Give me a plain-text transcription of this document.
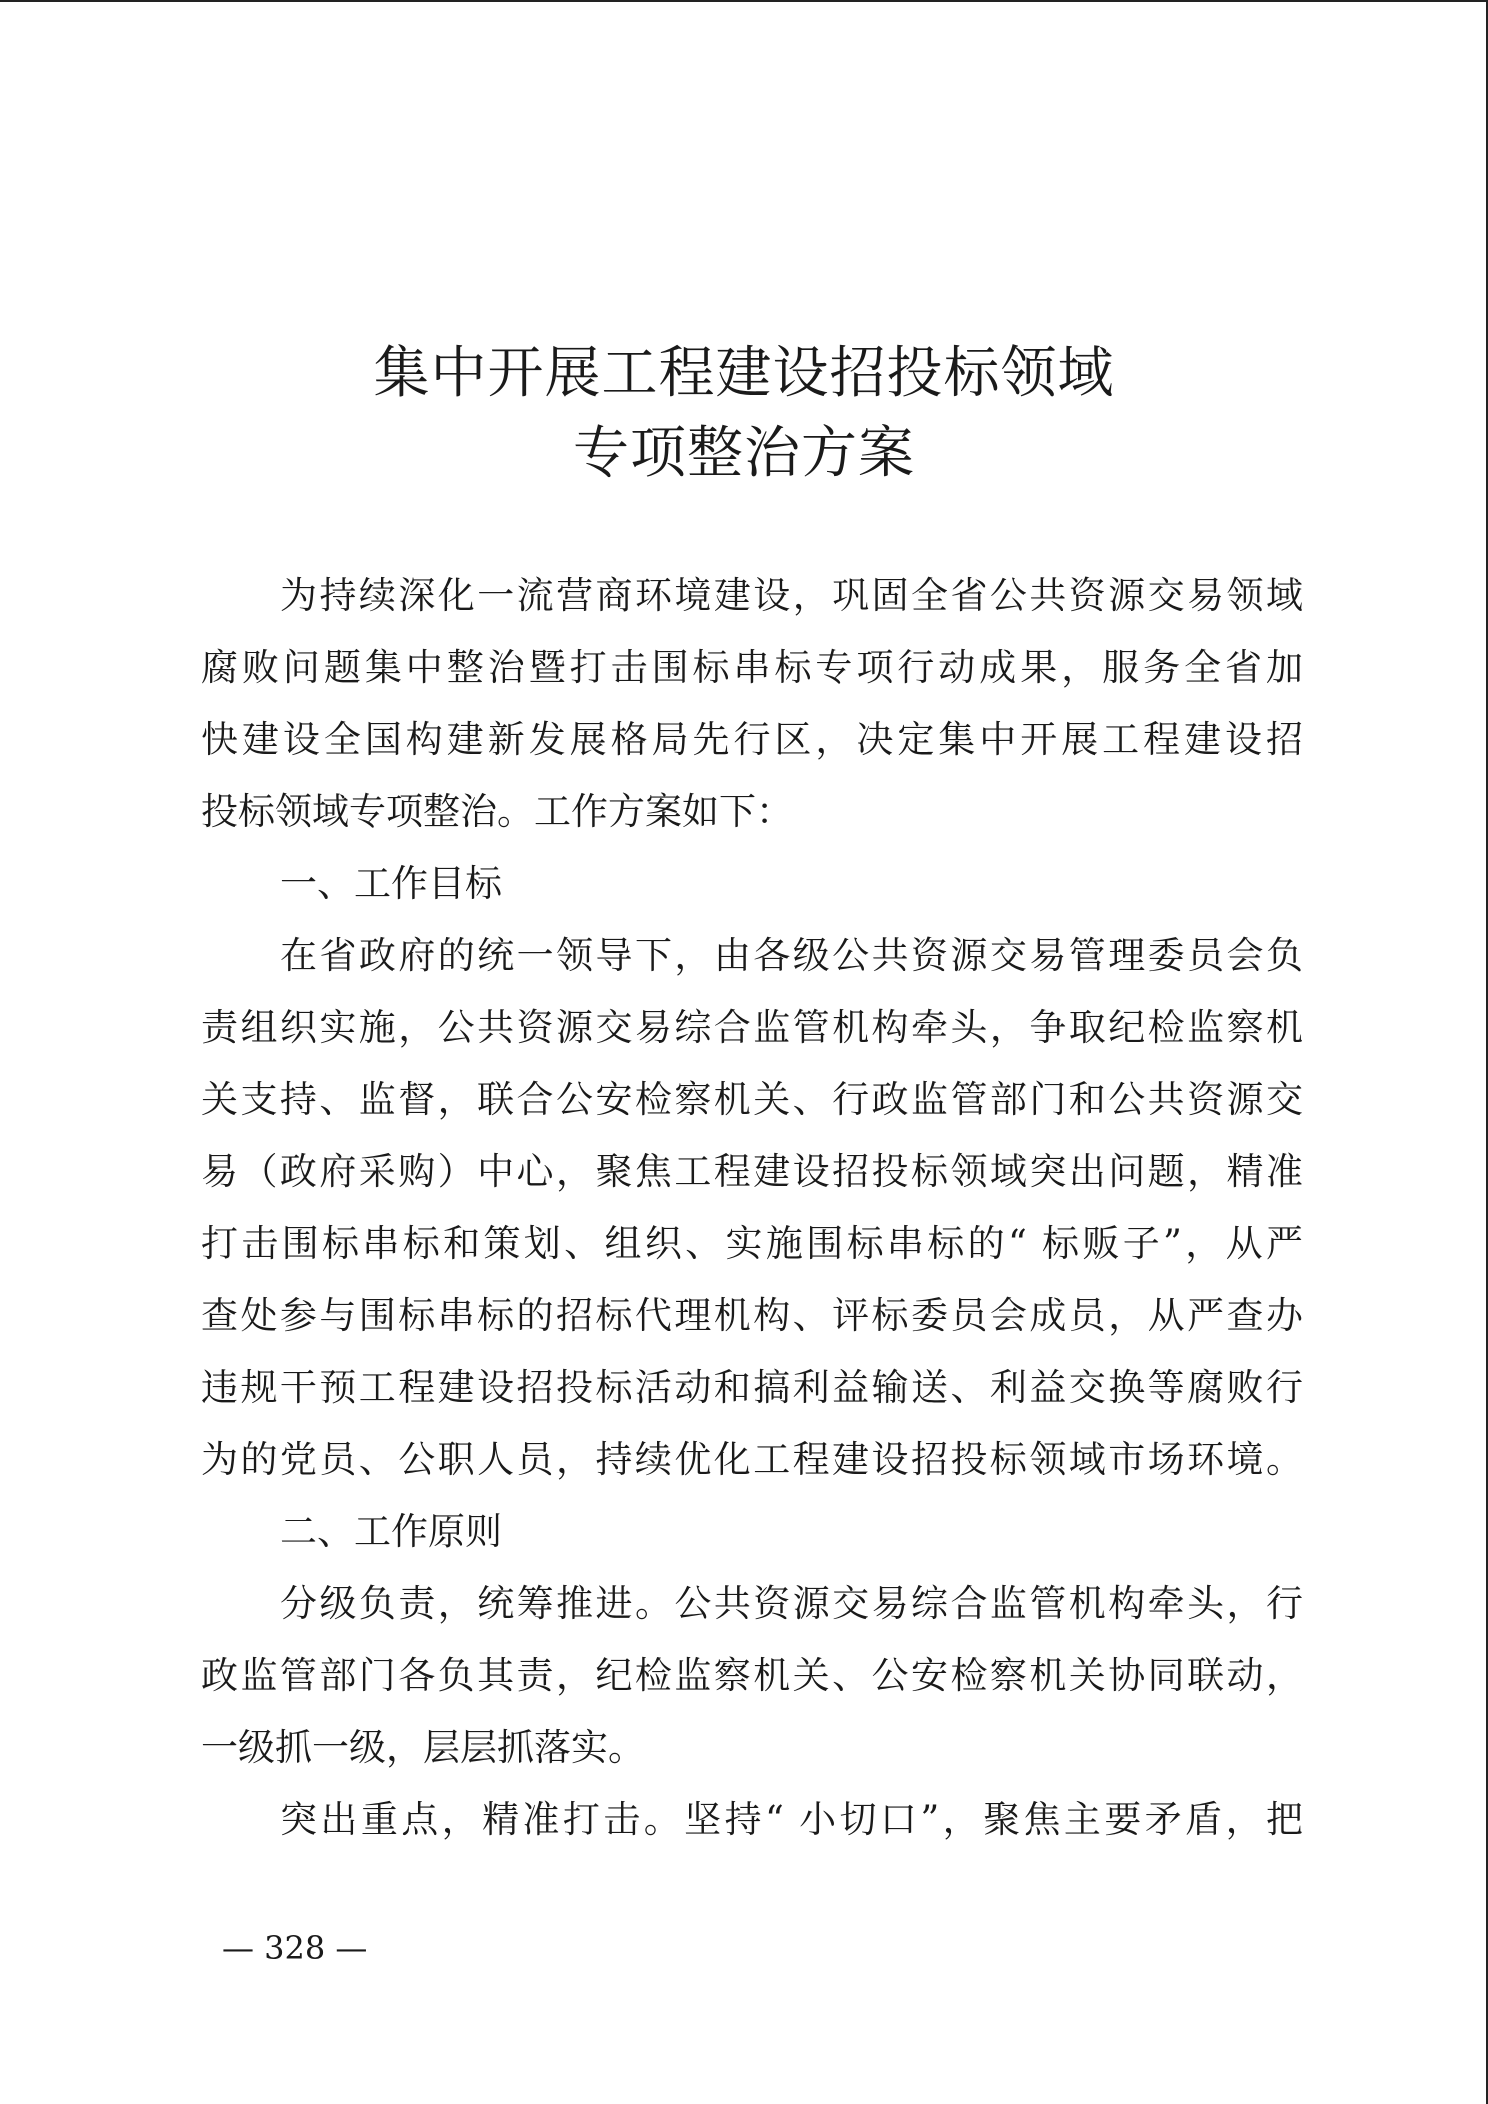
集中开展工程建设招投标领域
专项整治方案
为持续深化一流营商环境建设，巩固全省公共资源交易领域
腐败问题集中整治暨打击围标串标专项行动成果，服务全省加
快建设全国构建新发展格局先行区，决定集中开展工程建设招
投标领域专项整治。工作方案如下：
一、工作目标
在省政府的统一领导下，由各级公共资源交易管理委员会负
责组织实施，公共资源交易综合监管机构牵头，争取纪检监察机
关支持、监督，联合公安检察机关、行政监管部门和公共资源交
易（政府采购）中心，聚焦工程建设招投标领域突出问题，精准
打击围标串标和策划、组织、实施围标串标的“ 标贩子”，从严
查处参与围标串标的招标代理机构、评标委员会成员，从严查办
违规干预工程建设招投标活动和搞利益输送、利益交换等腐败行
为的党员、公职人员，持续优化工程建设招投标领域市场环境。
二、工作原则
分级负责，统筹推进。公共资源交易综合监管机构牵头，行
政监管部门各负其责，纪检监察机关、公安检察机关协同联动，
一级抓一级，层层抓落实。
突出重点，精准打击。坚持“ 小切口”，聚焦主要矛盾，把
— 328 —
